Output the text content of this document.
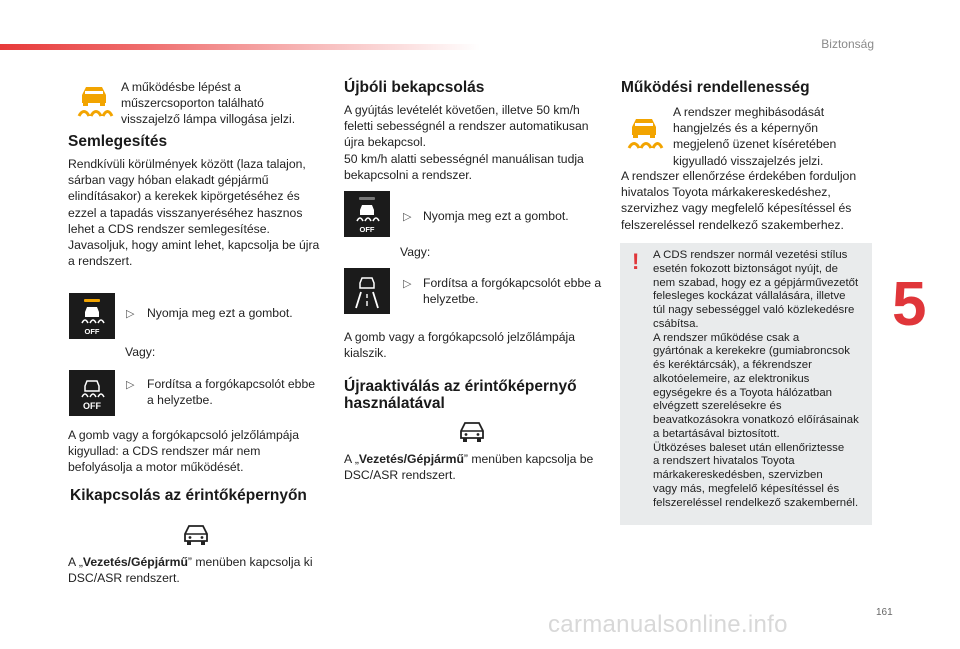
Biztonság
5
161
carmanualsonline.info
A működésbe lépést a
műszercsoporton található
visszajelző lámpa villogása jelzi.
Semlegesítés
Rendkívüli körülmények között (laza talajon,
sárban vagy hóban elakadt gépjármű
elindításakor) a kerekek kipörgetéséhez és
ezzel a tapadás visszanyeréséhez hasznos
lehet a CDS rendszer semlegesítése.
Javasoljuk, hogy amint lehet, kapcsolja be újra
a rendszert.
OFF
▷ Nyomja meg ezt a gombot.
Vagy:
OFF
▷ Fordítsa a forgókapcsolót ebbe
a helyzetbe.
A gomb vagy a forgókapcsoló jelzőlámpája
kigyullad: a CDS rendszer már nem
befolyásolja a motor működését.
Kikapcsolás az érintőképernyőn
A „Vezetés/Gépjármű” menüben kapcsolja ki
DSC/ASR rendszert.
Újbóli bekapcsolás
A gyújtás levételét követően, illetve 50 km/h
feletti sebességnél a rendszer automatikusan
újra bekapcsol.
50 km/h alatti sebességnél manuálisan tudja
bekapcsolni a rendszer.
OFF
▷ Nyomja meg ezt a gombot.
Vagy:
▷ Fordítsa a forgókapcsolót ebbe a
helyzetbe.
A gomb vagy a forgókapcsoló jelzőlámpája
kialszik.
Újraaktiválás az érintőképernyő
használatával
A „Vezetés/Gépjármű” menüben kapcsolja be
DSC/ASR rendszert.
Működési rendellenesség
A rendszer meghibásodását
hangjelzés és a képernyőn
megjelenő üzenet kíséretében
kigyulladó visszajelzés jelzi.
A rendszer ellenőrzése érdekében forduljon
hivatalos Toyota márkakereskedéshez,
szervizhez vagy megfelelő képesítéssel és
felszereléssel rendelkező szakemberhez.
! A CDS rendszer normál vezetési stílus
esetén fokozott biztonságot nyújt, de
nem szabad, hogy ez a gépjárművezetőt
felesleges kockázat vállalására, illetve
túl nagy sebességgel való közlekedésre
csábítsa.
A rendszer működése csak a
gyártónak a kerekekre (gumiabroncsok
és keréktárcsák), a fékrendszer
alkotóelemeire, az elektronikus
egységekre és a Toyota hálózatban
elvégzett szerelésekre és
beavatkozásokra vonatkozó előírásainak
a betartásával biztosított.
Ütközéses baleset után ellenőriztesse
a rendszert hivatalos Toyota
márkakereskedésben, szervizben
vagy más, megfelelő képesítéssel és
felszereléssel rendelkező szakembernél.
